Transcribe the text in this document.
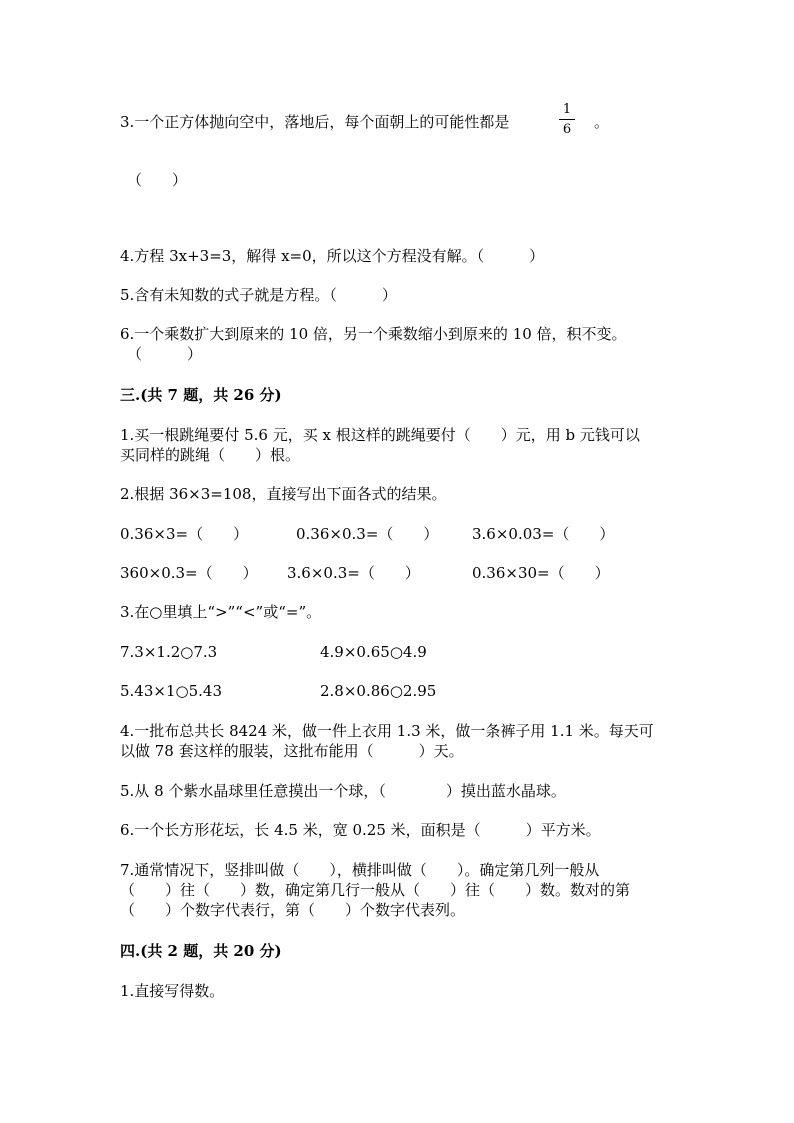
3.一个正方体抛向空中，落地后，每个面朝上的可能性都是
1
6	。
（　　）
4.方程 3x+3=3，解得 x=0，所以这个方程没有解。（　　　）
5.含有未知数的式子就是方程。（　　　）
6.一个乘数扩大到原来的 10 倍，另一个乘数缩小到原来的 10 倍，积不变。
（　　　）
三.(共 7 题，共 26 分)
1.买一根跳绳要付 5.6 元，买 x 根这样的跳绳要付（　　）元，用 b 元钱可以
买同样的跳绳（　　）根。
2.根据 36×3=108，直接写出下面各式的结果。
0.36×3=（　　）	0.36×0.3=（　　） 3.6×0.03=（　　）
360×0.3=（　　） 3.6×0.3=（　　）	0.36×30=（　　）
3.在○里填上“>”“<”或“=”。
7.3×1.2○7.3	4.9×0.65○4.9
5.43×1○5.43	2.8×0.86○2.95
4.一批布总共长 8424 米，做一件上衣用 1.3 米，做一条裤子用 1.1 米。每天可
以做 78 套这样的服装，这批布能用（　　　）天。
5.从 8 个紫水晶球里任意摸出一个球，（　　　　）摸出蓝水晶球。
6.一个长方形花坛，长 4.5 米，宽 0.25 米，面积是（　　　）平方米。
7.通常情况下，竖排叫做（　　），横排叫做（　　）。确定第几列一般从
（　　）往（　　）数，确定第几行一般从（　　）往（　　）数。数对的第
（　　）个数字代表行，第（　　）个数字代表列。
四.(共 2 题，共 20 分)
1.直接写得数。
